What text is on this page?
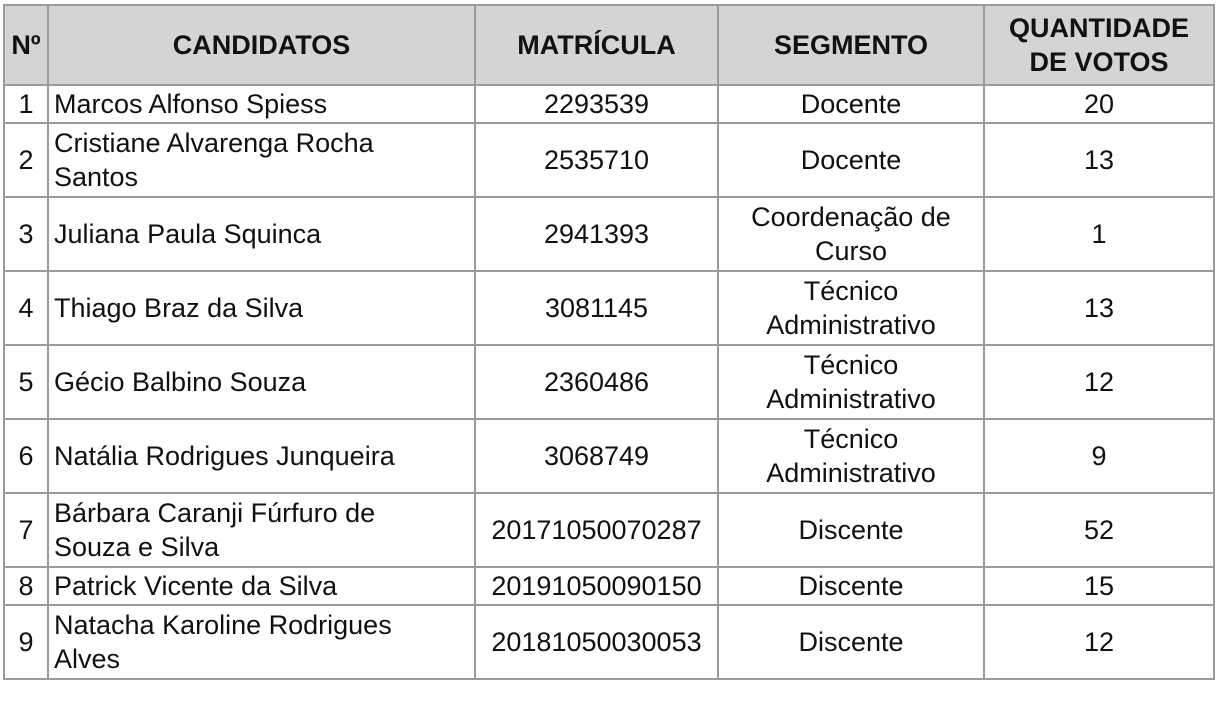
Nº	CANDIDATOS	MATRÍCULA	SEGMENTO	QUANTIDADE
DE VOTOS

1	Marcos Alfonso Spiess	2293539	Docente	20
2	Cristiane Alvarenga Rocha
Santos	2535710	Docente	13
3	Juliana Paula Squinca	2941393	Coordenação de
Curso	1
4	Thiago Braz da Silva	3081145	Técnico
Administrativo	13
5	Gécio Balbino Souza	2360486	Técnico
Administrativo	12
6	Natália Rodrigues Junqueira	3068749	Técnico
Administrativo	9
7	Bárbara Caranji Fúrfuro de
Souza e Silva	20171050070287	Discente	52
8	Patrick Vicente da Silva	20191050090150	Discente	15
9	Natacha Karoline Rodrigues
Alves	20181050030053	Discente	12
